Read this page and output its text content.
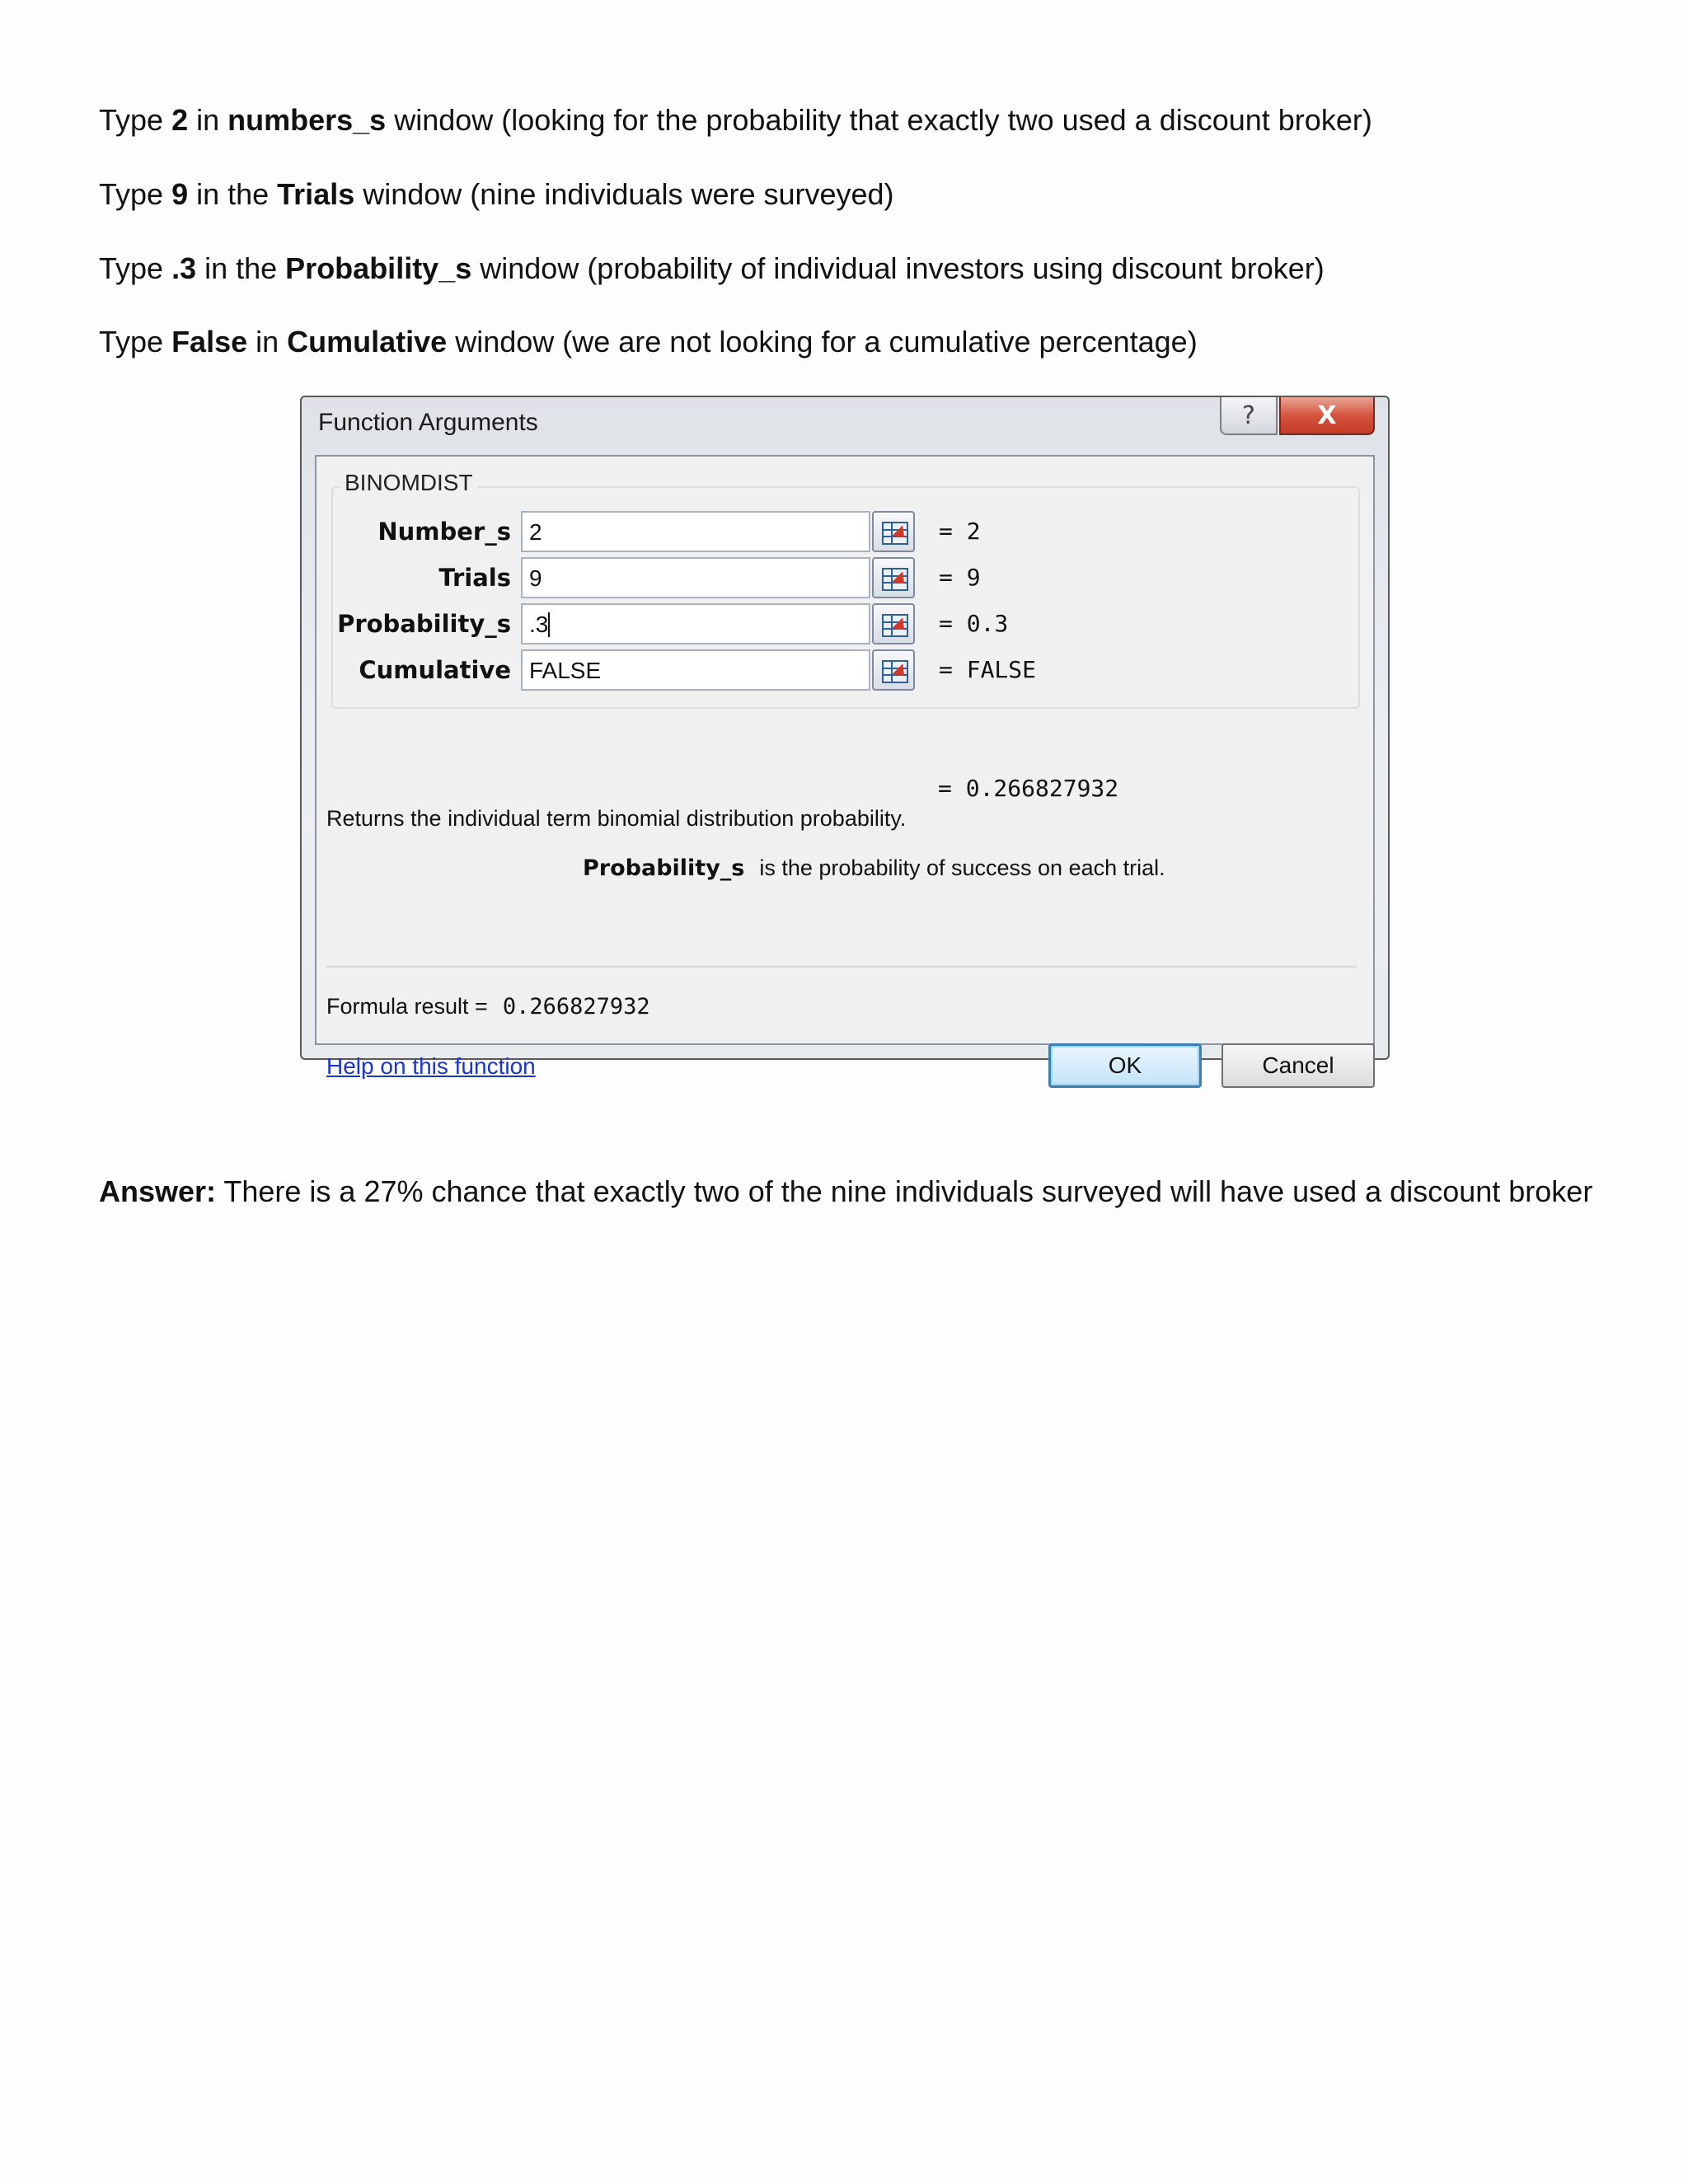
Type 2 in numbers_s window (looking for the probability that exactly two used a discount broker)
Type 9 in the Trials window (nine individuals were surveyed)
Type .3 in the Probability_s window (probability of individual investors using discount broker)
Type False in Cumulative window (we are not looking for a cumulative percentage)
Function Arguments	?	X
BINOMDIST
Number_s 2	= 2
Trials 9	= 9
Probability_s .3	= 0.3
Cumulative FALSE	= FALSE
= 0.266827932
Returns the individual term binomial distribution probability.
Probability_s is the probability of success on each trial.
Formula result = 0.266827932
Help on this function	OK	Cancel
Answer: There is a 27% chance that exactly two of the nine individuals surveyed will have used a discount broker
